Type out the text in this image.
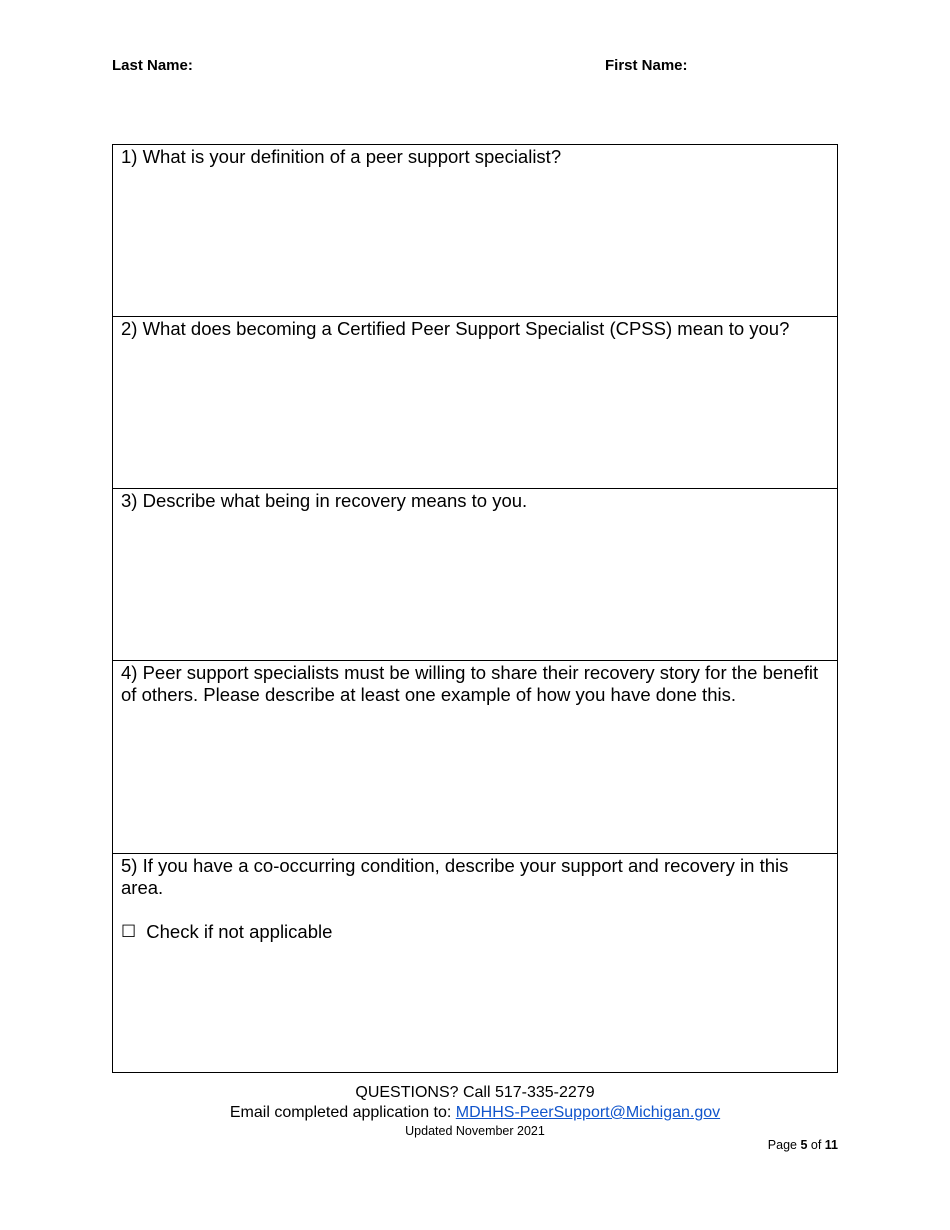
Last Name:	First Name:
1) What is your definition of a peer support specialist?
2) What does becoming a Certified Peer Support Specialist (CPSS) mean to you?
3) Describe what being in recovery means to you.
4) Peer support specialists must be willing to share their recovery story for the benefit of others. Please describe at least one example of how you have done this.
5) If you have a co-occurring condition, describe your support and recovery in this area.
☐ Check if not applicable
QUESTIONS? Call 517-335-2279
Email completed application to: MDHHS-PeerSupport@Michigan.gov
Updated November 2021
Page 5 of 11
